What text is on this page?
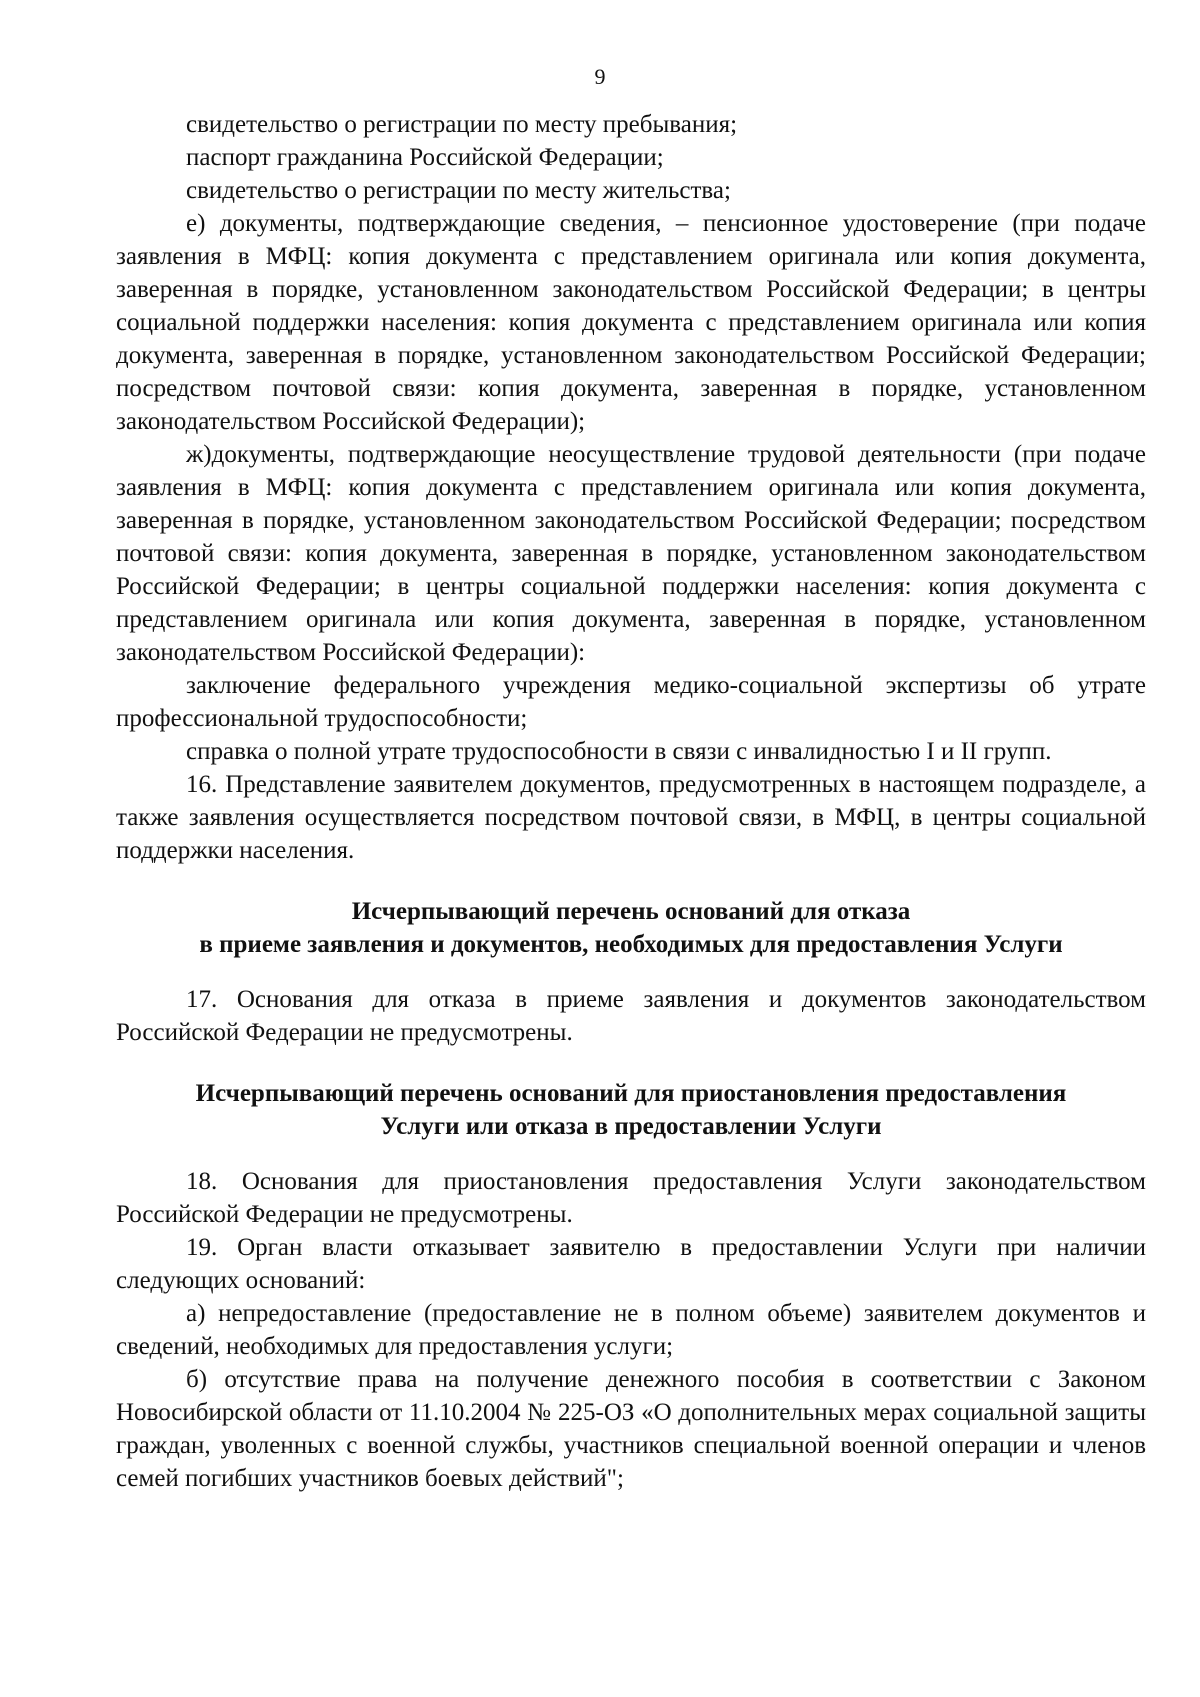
9

свидетельство о регистрации по месту пребывания;

паспорт гражданина Российской Федерации;

свидетельство о регистрации по месту жительства;

е) документы, подтверждающие сведения, – пенсионное удостоверение (при подаче заявления в МФЦ: копия документа с представлением оригинала или копия документа, заверенная в порядке, установленном законодательством Российской Федерации; в центры социальной поддержки населения: копия документа с представлением оригинала или копия документа, заверенная в порядке, установленном законодательством Российской Федерации; посредством почтовой связи: копия документа, заверенная в порядке, установленном законодательством Российской Федерации);

ж)документы, подтверждающие неосуществление трудовой деятельности (при подаче заявления в МФЦ: копия документа с представлением оригинала или копия документа, заверенная в порядке, установленном законодательством Российской Федерации; посредством почтовой связи: копия документа, заверенная в порядке, установленном законодательством Российской Федерации; в центры социальной поддержки населения: копия документа с представлением оригинала или копия документа, заверенная в порядке, установленном законодательством Российской Федерации):

заключение федерального учреждения медико-социальной экспертизы об утрате профессиональной трудоспособности;

справка о полной утрате трудоспособности в связи с инвалидностью I и II групп.

16. Представление заявителем документов, предусмотренных в настоящем подразделе, а также заявления осуществляется посредством почтовой связи, в МФЦ, в центры социальной поддержки населения.

Исчерпывающий перечень оснований для отказа

в приеме заявления и документов, необходимых для предоставления Услуги

17. Основания для отказа в приеме заявления и документов законодательством Российской Федерации не предусмотрены.

Исчерпывающий перечень оснований для приостановления предоставления

Услуги или отказа в предоставлении Услуги

18. Основания для приостановления предоставления Услуги законодательством Российской Федерации не предусмотрены.

19. Орган власти отказывает заявителю в предоставлении Услуги при наличии следующих оснований:

а) непредоставление (предоставление не в полном объеме) заявителем документов и сведений, необходимых для предоставления услуги;

б) отсутствие права на получение денежного пособия в соответствии с Законом Новосибирской области от 11.10.2004 № 225-ОЗ «О дополнительных мерах социальной защиты граждан, уволенных с военной службы, участников специальной военной операции и членов семей погибших участников боевых действий";
